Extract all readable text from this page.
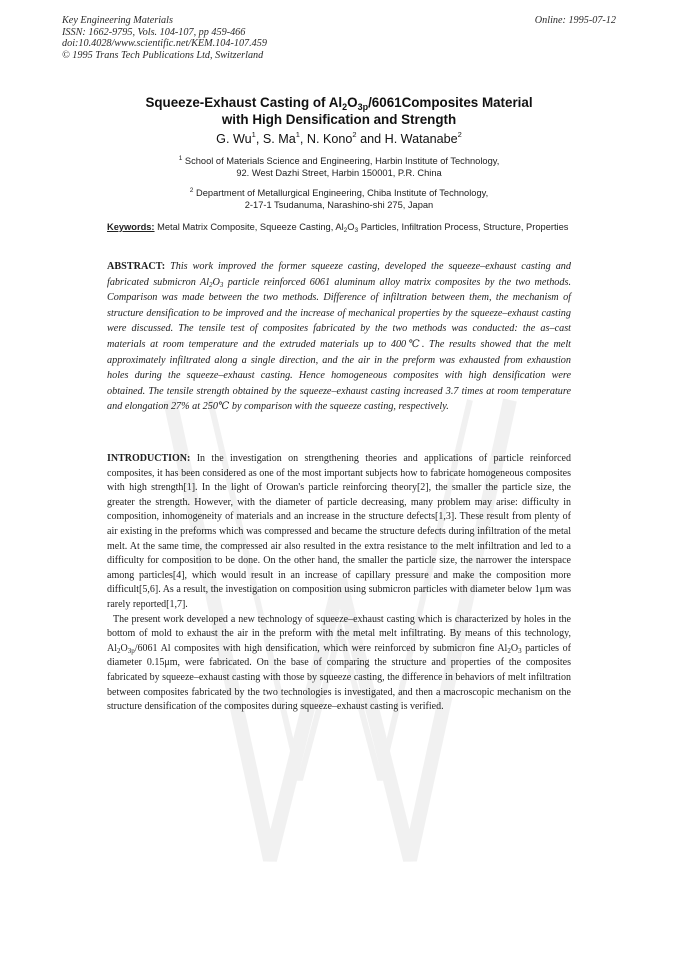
Key Engineering Materials
ISSN: 1662-9795, Vols. 104-107, pp 459-466
doi:10.4028/www.scientific.net/KEM.104-107.459
© 1995 Trans Tech Publications Ltd, Switzerland
Online: 1995-07-12
Squeeze-Exhaust Casting of $Al_2O_{3p}/6061Composites$ Material
with High Densification and Strength
G. Wu$^1$, S. Ma$^1$, N. Kono$^2$ and H. Watanabe$^2$
$^1$ School of Materials Science and Engineering, Harbin Institute of Technology,
92. West Dazhi Street, Harbin 150001, P.R. China
$^2$ Department of Metallurgical Engineering, Chiba Institute of Technology,
2-17-1 Tsudanuma, Narashino-shi 275, Japan
Keywords: Metal Matrix Composite, Squeeze Casting, $Al_2O_3$ Particles, Infiltration Process, Structure, Properties
ABSTRACT: This work improved the former squeeze casting, developed the squeeze–exhaust casting and fabricated submicron $Al_2O_3$ particle reinforced 6061 aluminum alloy matrix composites by the two methods. Comparison was made between the two methods. Difference of infiltration between them, the mechanism of structure densification to be improved and the increase of mechanical properties by the squeeze–exhaust casting were discussed. The tensile test of composites fabricated by the two methods was conducted: the as–cast materials at room temperature and the extruded materials up to 400℃. The results showed that the melt approximately infiltrated along a single direction, and the air in the preform was exhausted from exhaustion holes during the squeeze–exhaust casting. Hence homogeneous composites with high densification were obtained. The tensile strength obtained by the squeeze–exhaust casting increased 3.7 times at room temperature and elongation 27% at 250℃ by comparison with the squeeze casting, respectively.

INTRODUCTION: In the investigation on strengthening theories and applications of particle reinforced composites, it has been considered as one of the most important subjects how to fabricate homogeneous composites with high strength[1]. In the light of Orowan's particle reinforcing theory[2], the smaller the particle size, the greater the strength. However, with the diameter of particle decreasing, many problem may arise: difficulty in composition, inhomogeneity of materials and an increase in the structure defects[1,3]. These result from plenty of air existing in the preforms which was compressed and became the structure defects during infiltration of the metal melt. At the same time, the compressed air also resulted in the extra resistance to the melt infiltration and led to a difficulty for composition to be done. On the other hand, the smaller the particle size, the narrower the interspace among particles[4], which would result in an increase of capillary pressure and make the composition more difficult[5,6]. As a result, the investigation on composition using submicron particles with diameter below 1μm was rarely reported[1,7].

The present work developed a new technology of squeeze–exhaust casting which is characterized by holes in the bottom of mold to exhaust the air in the preform with the metal melt infiltrating. By means of this technology, $Al_2O_{3p}/6061$ Al composites with high densification, which were reinforced by submicron fine $Al_2O_3$ particles of diameter 0.15μm, were fabricated. On the base of comparing the structure and properties of the composites fabricated by squeeze–exhaust casting with those by squeeze casting, the difference in behaviors of melt infiltration between composites fabricated by the two technologies is investigated, and then a macroscopic mechanism on the structure densification of the composites during squeeze–exhaust casting is verified.
